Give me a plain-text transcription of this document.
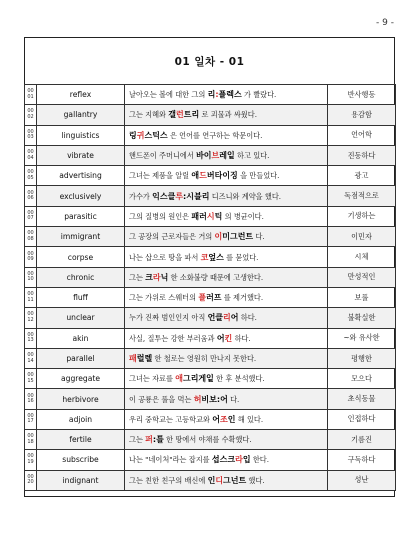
- 9 -
01 일차 - 01
00 01	reflex	날아오는 볼에 대한 그의 리:플렉스 가 빨랐다.	반사행동
00 02	gallantry	그는 지혜와 갤런트리 로 괴물과 싸웠다.	용감함
00 03	linguistics	링귀스틱스 은 언어를 연구하는 학문이다.	언어학
00 04	vibrate	핸드폰이 주머니에서 바이브레잍 하고 있다.	진동하다
00 05	advertising	그녀는 제품을 알릴 애드버타이징 을 만들었다.	광고
00 06	exclusively	가수가 익스클루:시블리 디즈니와 계약을 했다.	독점적으로
00 07	parasitic	그의 질병의 원인은 패러시틱 의 병균이다.	기생하는
00 08	immigrant	그 공장의 근로자들은 거의 이미그런트 다.	이민자
00 09	corpse	나는 삽으로 땅을 파서 코엎스 를 묻었다.	시체
00 10	chronic	그는 크라닉 한 소화불량 때문에 고생한다.	만성적인
00 11	fluff	그는 가위로 스웨터의 플러프 를 제거했다.	보풀
00 12	unclear	누가 진짜 범인인지 아직 언클리어 하다.	불확실한
00 13	akin	사실, 질투는 강한 부러움과 어킨 하다.	~와 유사한
00 14	parallel	패럴렐 한 철로는 영원히 만나지 못한다.	평행한
00 15	aggregate	그녀는 자료를 애그리게잍 한 후 분석했다.	모으다
00 16	herbivore	이 공룡은 풀을 먹는 허비보:어 다.	초식동물
00 17	adjoin	우리 중학교는 고등학교와 어조인 해 있다.	인접하다
00 18	fertile	그는 퍼:틀 한 땅에서 야채를 수확했다.	기름진
00 19	subscribe	나는 "네이처"라는 잡지를 섭스크라입 한다.	구독하다
00 20	indignant	그는 친한 친구의 배신에 인디그넌트 했다.	성난
